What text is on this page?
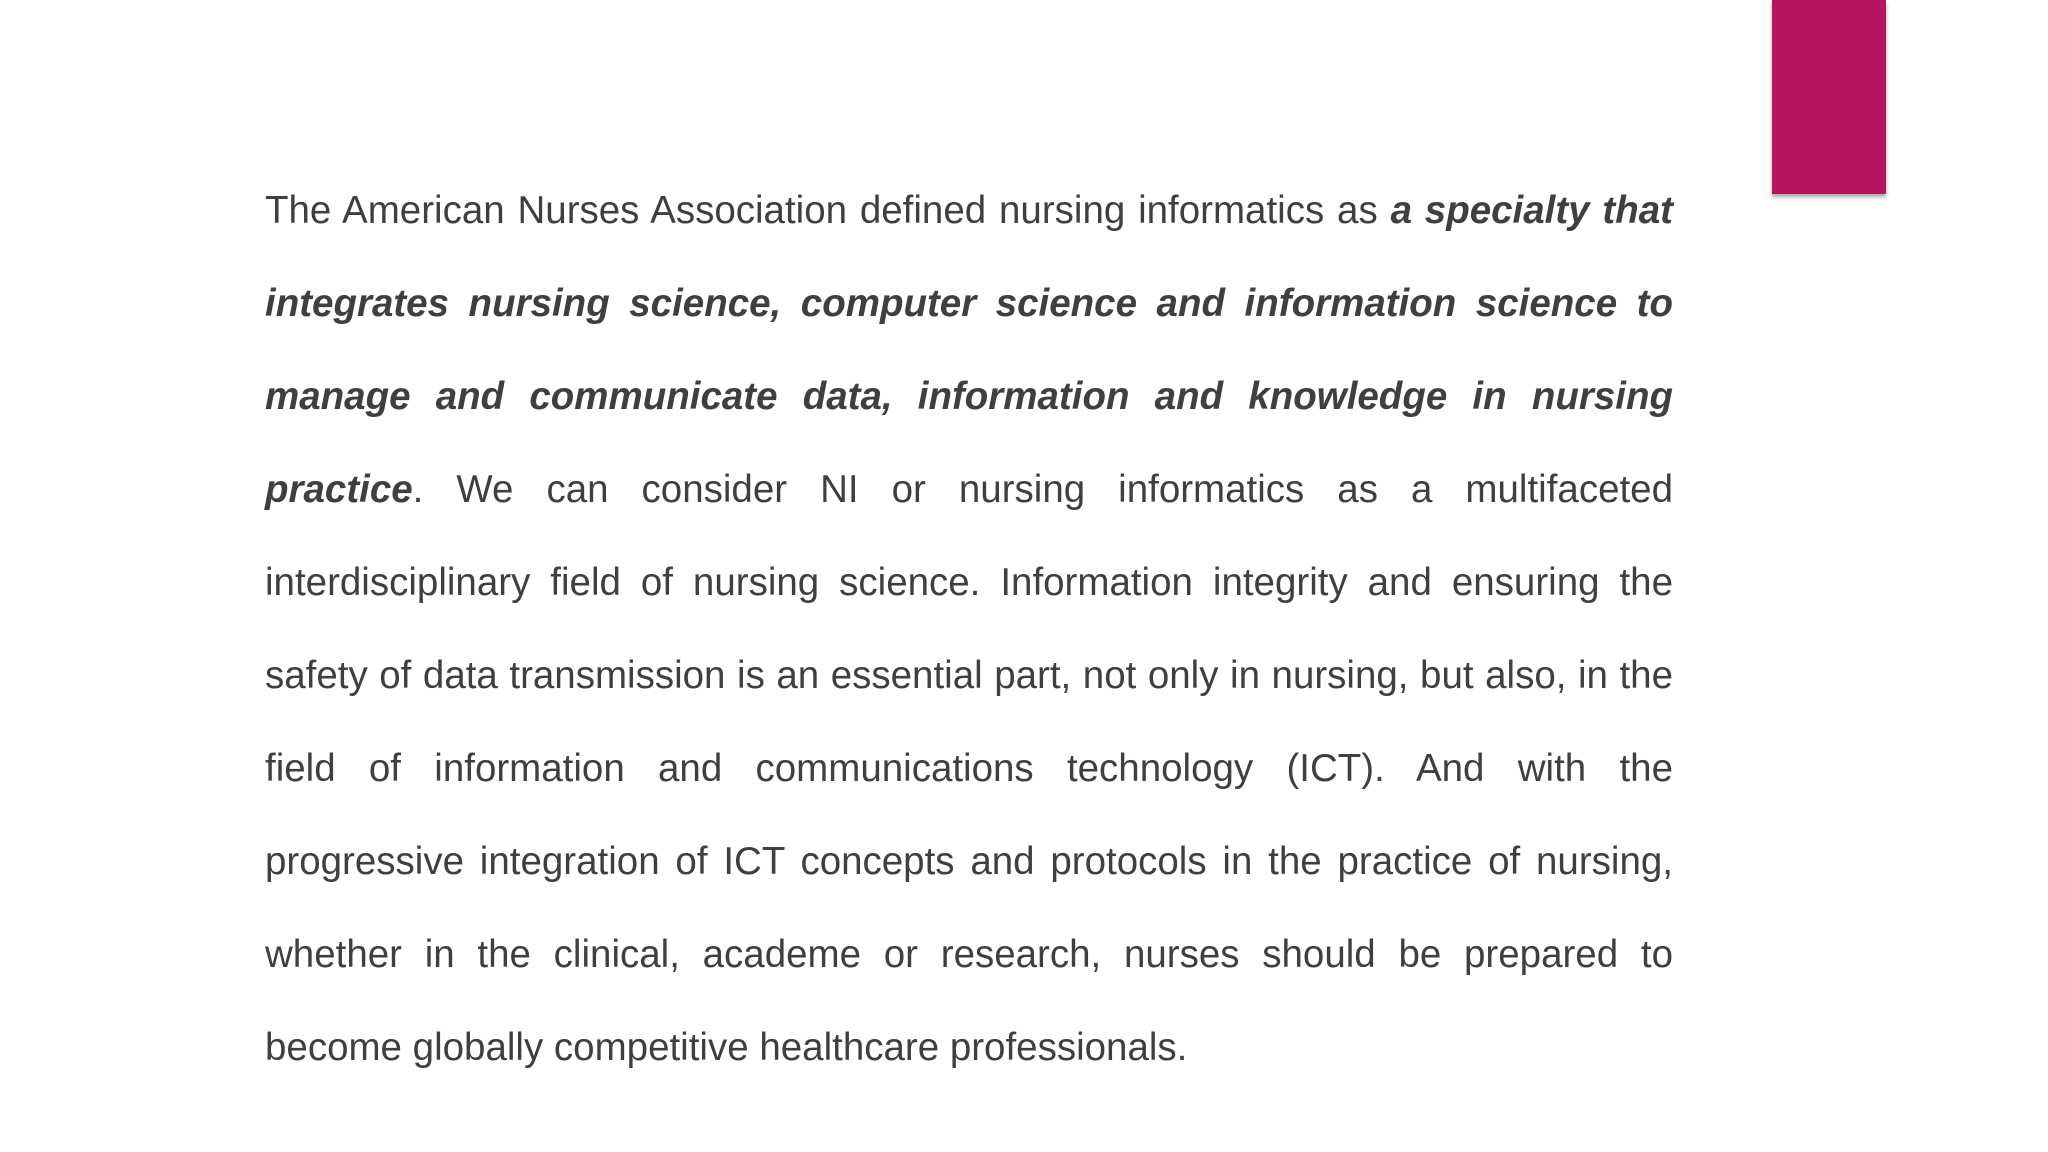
The American Nurses Association defined nursing informatics as a specialty that integrates nursing science, computer science and information science to manage and communicate data, information and knowledge in nursing practice. We can consider NI or nursing informatics as a multifaceted interdisciplinary field of nursing science. Information integrity and ensuring the safety of data transmission is an essential part, not only in nursing, but also, in the field of information and communications technology (ICT). And with the progressive integration of ICT concepts and protocols in the practice of nursing, whether in the clinical, academe or research, nurses should be prepared to become globally competitive healthcare professionals.
